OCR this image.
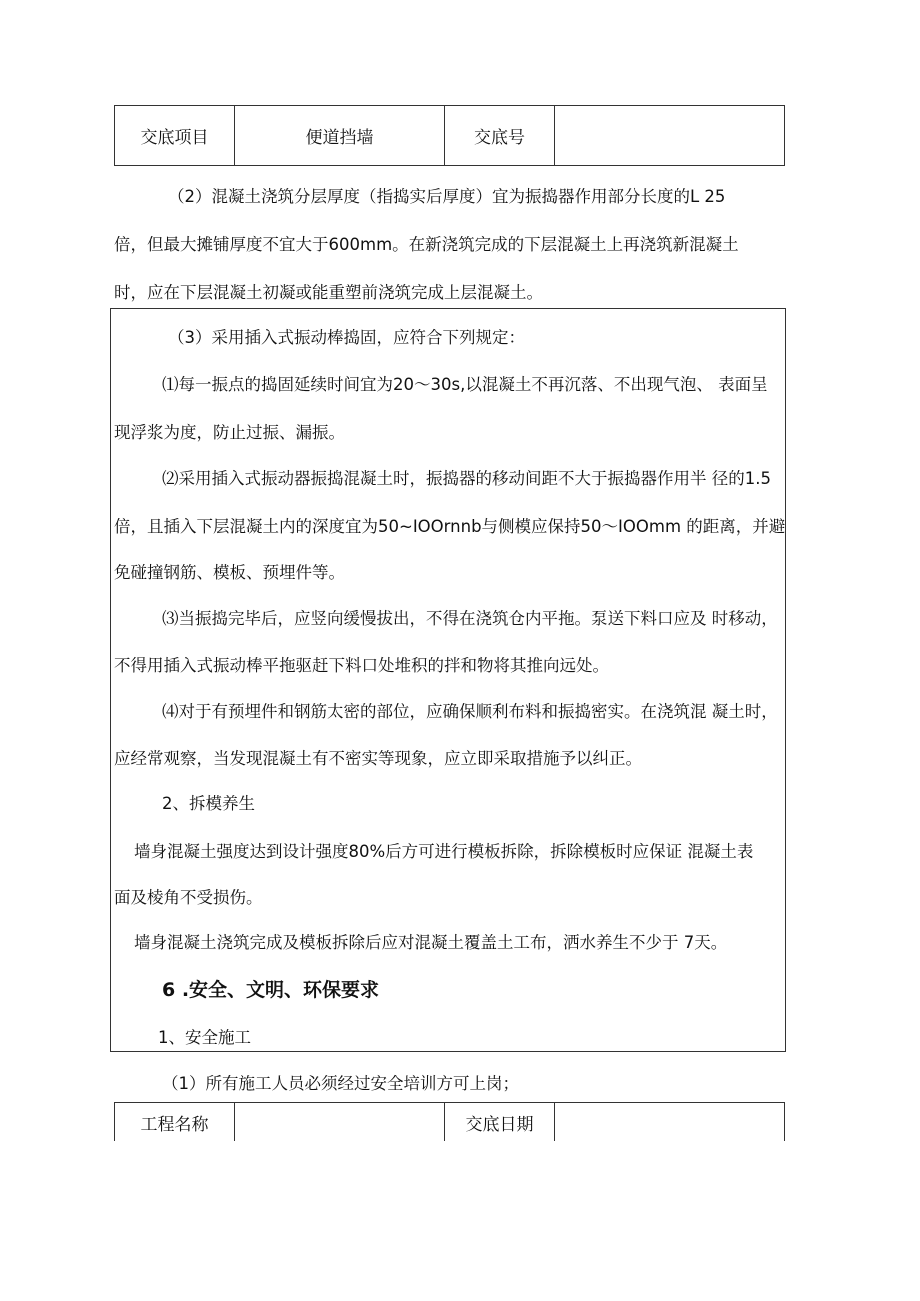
交底项目	便道挡墙	交底号	
（2）混凝土浇筑分层厚度（指捣实后厚度）宜为振捣器作用部分长度的L 25
倍，但最大摊铺厚度不宜大于600mm。在新浇筑完成的下层混凝土上再浇筑新混凝土
时，应在下层混凝土初凝或能重塑前浇筑完成上层混凝土。
（3）采用插入式振动棒捣固，应符合下列规定：
⑴每一振点的捣固延续时间宜为20～30s,以混凝土不再沉落、不出现气泡、 表面呈
现浮浆为度，防止过振、漏振。
⑵采用插入式振动器振捣混凝土时，振捣器的移动间距不大于振捣器作用半 径的1.5
倍，且插入下层混凝土内的深度宜为50~IOOrnnb与侧模应保持50～IOOmm 的距离，并避
免碰撞钢筋、模板、预埋件等。
⑶当振捣完毕后，应竖向缓慢拔出，不得在浇筑仓内平拖。泵送下料口应及 时移动，
不得用插入式振动棒平拖驱赶下料口处堆积的拌和物将其推向远处。
⑷对于有预埋件和钢筋太密的部位，应确保顺利布料和振捣密实。在浇筑混 凝土时，
应经常观察，当发现混凝土有不密实等现象，应立即采取措施予以纠正。
2、拆模养生
墙身混凝土强度达到设计强度80%后方可进行模板拆除，拆除模板时应保证 混凝土表
面及棱角不受损伤。
墙身混凝土浇筑完成及模板拆除后应对混凝土覆盖土工布，洒水养生不少于 7天。
6 .安全、文明、环保要求
1、安全施工
（1）所有施工人员必须经过安全培训方可上岗；
工程名称		交底日期	
